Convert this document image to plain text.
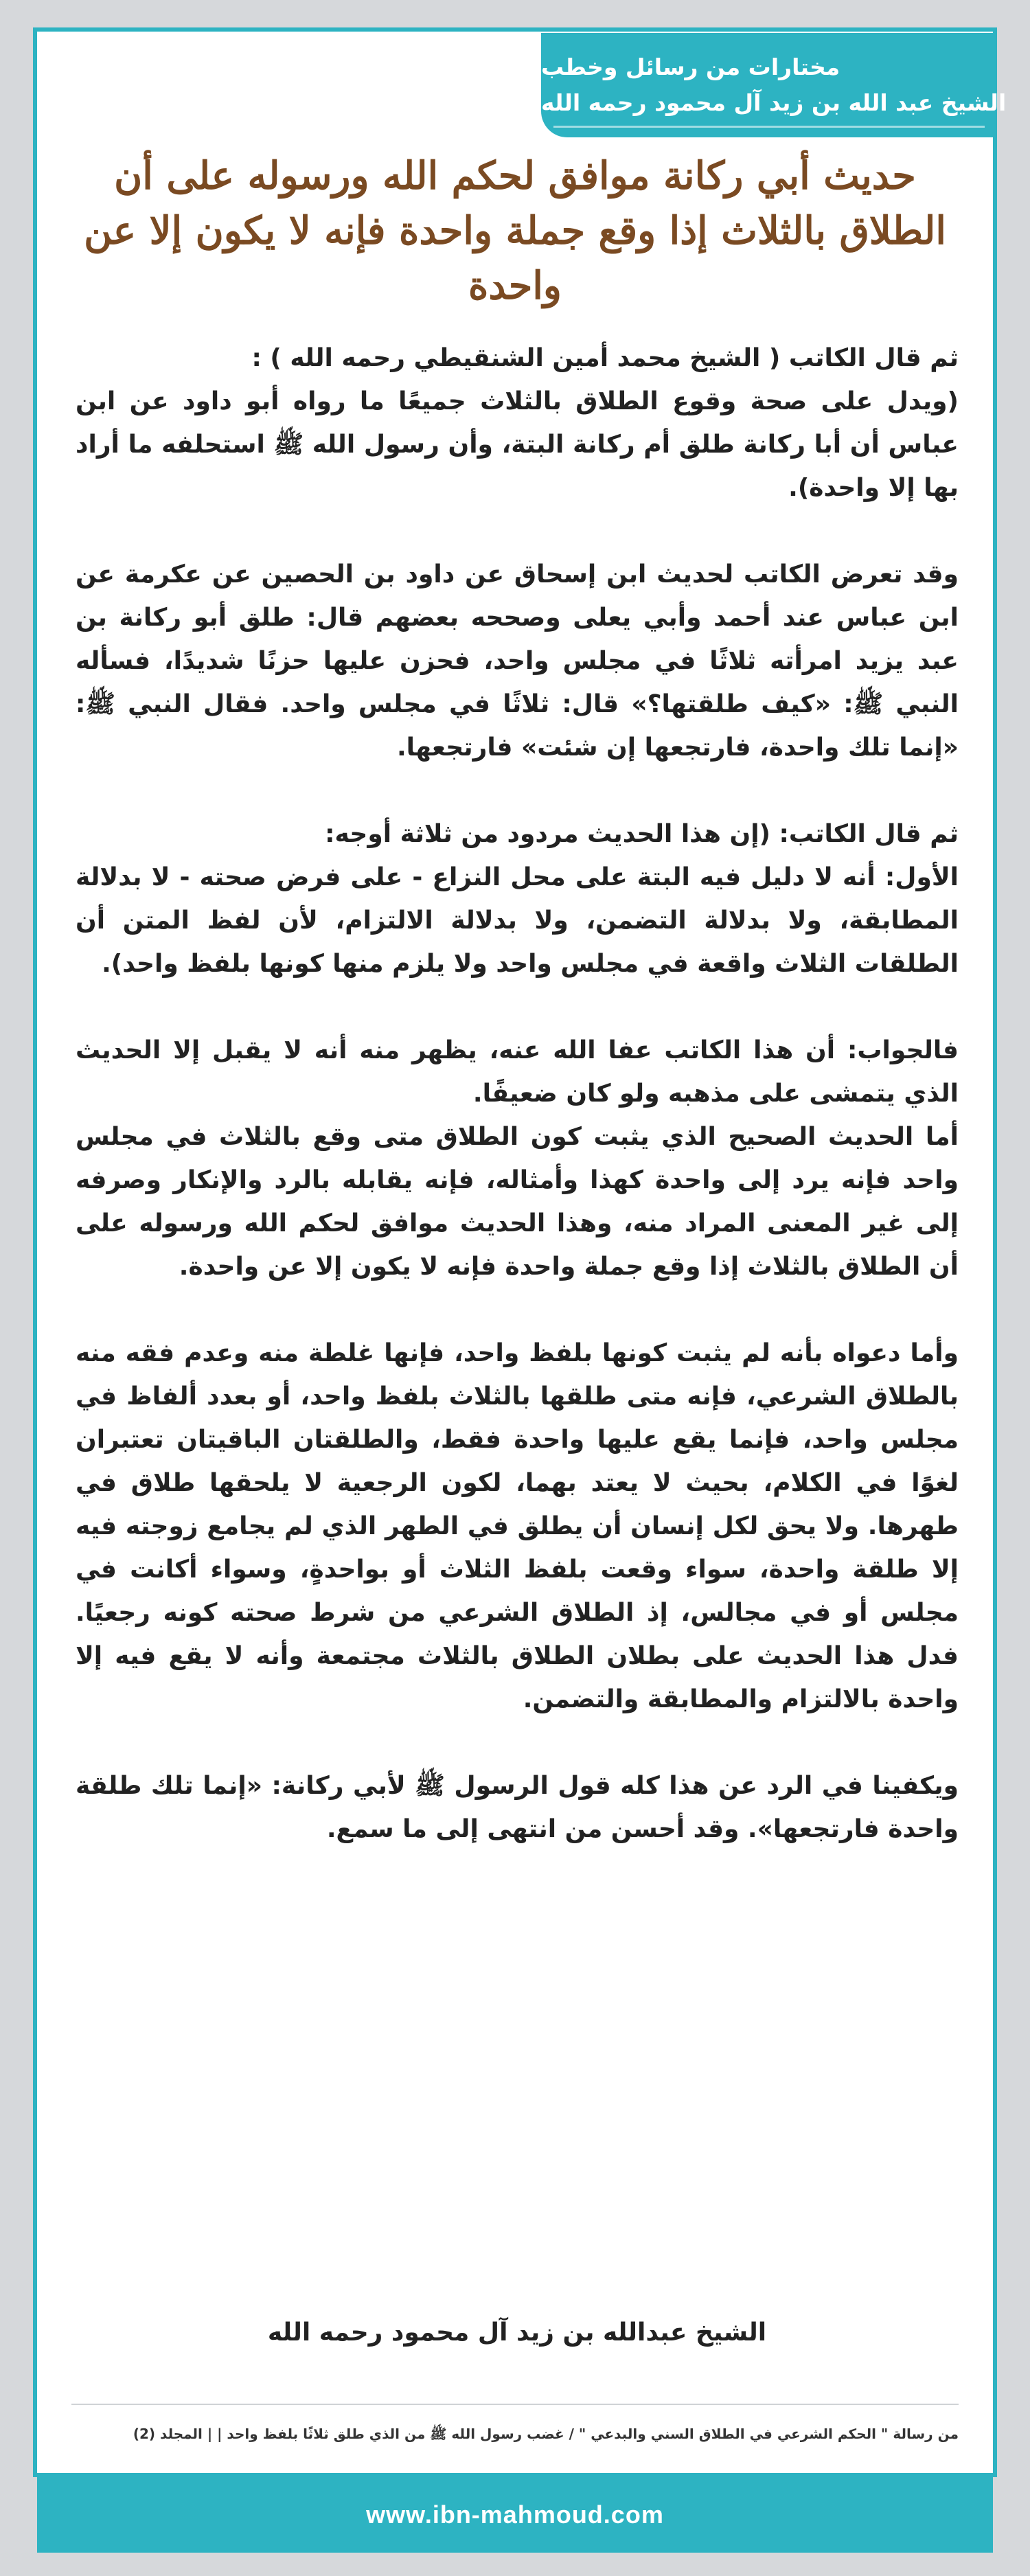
مختارات من رسائل وخطب
الشيخ عبد الله بن زيد آل محمود رحمه الله
حديث أبي ركانة موافق لحكم الله ورسوله على أن الطلاق بالثلاث إذا وقع جملة واحدة فإنه لا يكون إلا عن واحدة

ثم قال الكاتب ( الشيخ محمد أمين الشنقيطي رحمه الله ) :

(ويدل على صحة وقوع الطلاق بالثلاث جميعًا ما رواه أبو داود عن ابن عباس أن أبا ركانة طلق أم ركانة البتة، وأن رسول الله ﷺ استحلفه ما أراد بها إلا واحدة).

وقد تعرض الكاتب لحديث ابن إسحاق عن داود بن الحصين عن عكرمة عن ابن عباس عند أحمد وأبي يعلى وصححه بعضهم قال: طلق أبو ركانة بن عبد يزيد امرأته ثلاثًا في مجلس واحد، فحزن عليها حزنًا شديدًا، فسأله النبي ﷺ: «كيف طلقتها؟» قال: ثلاثًا في مجلس واحد. فقال النبي ﷺ: «إنما تلك واحدة، فارتجعها إن شئت» فارتجعها.

ثم قال الكاتب: (إن هذا الحديث مردود من ثلاثة أوجه:

الأول: أنه لا دليل فيه البتة على محل النزاع - على فرض صحته - لا بدلالة المطابقة، ولا بدلالة التضمن، ولا بدلالة الالتزام، لأن لفظ المتن أن الطلقات الثلاث واقعة في مجلس واحد ولا يلزم منها كونها بلفظ واحد).

فالجواب: أن هذا الكاتب عفا الله عنه، يظهر منه أنه لا يقبل إلا الحديث الذي يتمشى على مذهبه ولو كان ضعيفًا.

أما الحديث الصحيح الذي يثبت كون الطلاق متى وقع بالثلاث في مجلس واحد فإنه يرد إلى واحدة كهذا وأمثاله، فإنه يقابله بالرد والإنكار وصرفه إلى غير المعنى المراد منه، وهذا الحديث موافق لحكم الله ورسوله على أن الطلاق بالثلاث إذا وقع جملة واحدة فإنه لا يكون إلا عن واحدة.

وأما دعواه بأنه لم يثبت كونها بلفظ واحد، فإنها غلطة منه وعدم فقه منه بالطلاق الشرعي، فإنه متى طلقها بالثلاث بلفظ واحد، أو بعدد ألفاظ في مجلس واحد، فإنما يقع عليها واحدة فقط، والطلقتان الباقيتان تعتبران لغوًا في الكلام، بحيث لا يعتد بهما، لكون الرجعية لا يلحقها طلاق في طهرها. ولا يحق لكل إنسان أن يطلق في الطهر الذي لم يجامع زوجته فيه إلا طلقة واحدة، سواء وقعت بلفظ الثلاث أو بواحدةٍ، وسواء أكانت في مجلس أو في مجالس، إذ الطلاق الشرعي من شرط صحته كونه رجعيًا. فدل هذا الحديث على بطلان الطلاق بالثلاث مجتمعة وأنه لا يقع فيه إلا واحدة بالالتزام والمطابقة والتضمن.

ويكفينا في الرد عن هذا كله قول الرسول ﷺ لأبي ركانة: «إنما تلك طلقة واحدة فارتجعها». وقد أحسن من انتهى إلى ما سمع.

الشيخ عبدالله بن زيد آل محمود رحمه الله
من رسالة " الحكم الشرعي في الطلاق السني والبدعي " / غضب رسول الله ﷺ من الذي طلق ثلاثًا بلفظ واحد | | المجلد (2)
www.ibn-mahmoud.com
